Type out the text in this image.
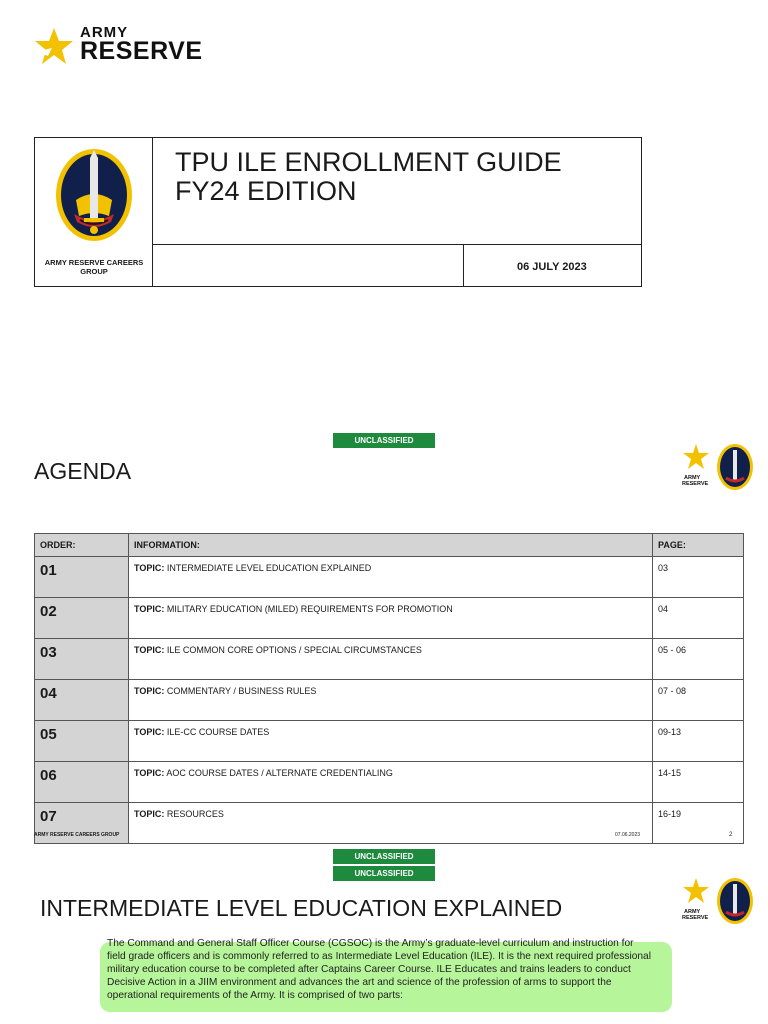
ARMY
RESERVE
ARMY RESERVE CAREERS GROUP
TPU ILE ENROLLMENT GUIDE FY24 EDITION
06 JULY 2023
UNCLASSIFIED
AGENDA	ARMY
RESERVE
ORDER:	INFORMATION:	PAGE:
01	TOPIC: INTERMEDIATE LEVEL EDUCATION EXPLAINED	03
02	TOPIC: MILITARY EDUCATION (MILED) REQUIREMENTS FOR PROMOTION	04
03	TOPIC: ILE COMMON CORE OPTIONS / SPECIAL CIRCUMSTANCES	05 - 06
04	TOPIC: COMMENTARY / BUSINESS RULES	07 - 08
05	TOPIC: ILE-CC COURSE DATES	09-13
06	TOPIC: AOC COURSE DATES / ALTERNATE CREDENTIALING	14-15
07	TOPIC: RESOURCES	16-19
ARMY RESERVE CAREERS GROUP	07.06.2023	2
UNCLASSIFIED
UNCLASSIFIED
INTERMEDIATE LEVEL EDUCATION EXPLAINED	ARMY
RESERVE
The Command and General Staff Officer Course (CGSOC) is the Army’s graduate-level curriculum and instruction for field grade officers and is commonly referred to as Intermediate Level Education (ILE). It is the next required professional military education course to be completed after Captains Career Course. ILE Educates and trains leaders to conduct Decisive Action in a JIIM environment and advances the art and science of the profession of arms to support the operational requirements of the Army. It is comprised of two parts:
